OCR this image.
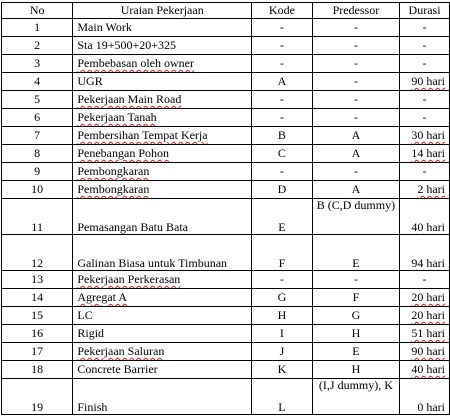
No	Uraian Pekerjaan	Kode	Predessor	Durasi
1	Main Work	-	-	-
2	Sta 19+500+20+325	-	-	-
3	Pembebasan oleh owner	-	-	-
4	UGR	A	-	90 hari
5	Pekerjaan Main Road	-	-	-
6	Pekerjaan Tanah	-	-	-
7	Pembersihan Tempat Kerja	B	A	30 hari
8	Penebangan Pohon	C	A	14 hari
9	Pembongkaran	-	-	-
10	Pembongkaran	D	A	2 hari
11	Pemasangan Batu Bata	E	B (C,D dummy)	40 hari
12	Galinan Biasa untuk Timbunan	F	E	94 hari
13	Pekerjaan Perkerasan	-	-	-
14	Agregat A	G	F	20 hari
15	LC	H	G	20 hari
16	Rigid	I	H	51 hari
17	Pekerjaan Saluran	J	E	90 hari
18	Concrete Barrier	K	H	40 hari
19	Finish	L	(I,J dummy), K	0 hari
